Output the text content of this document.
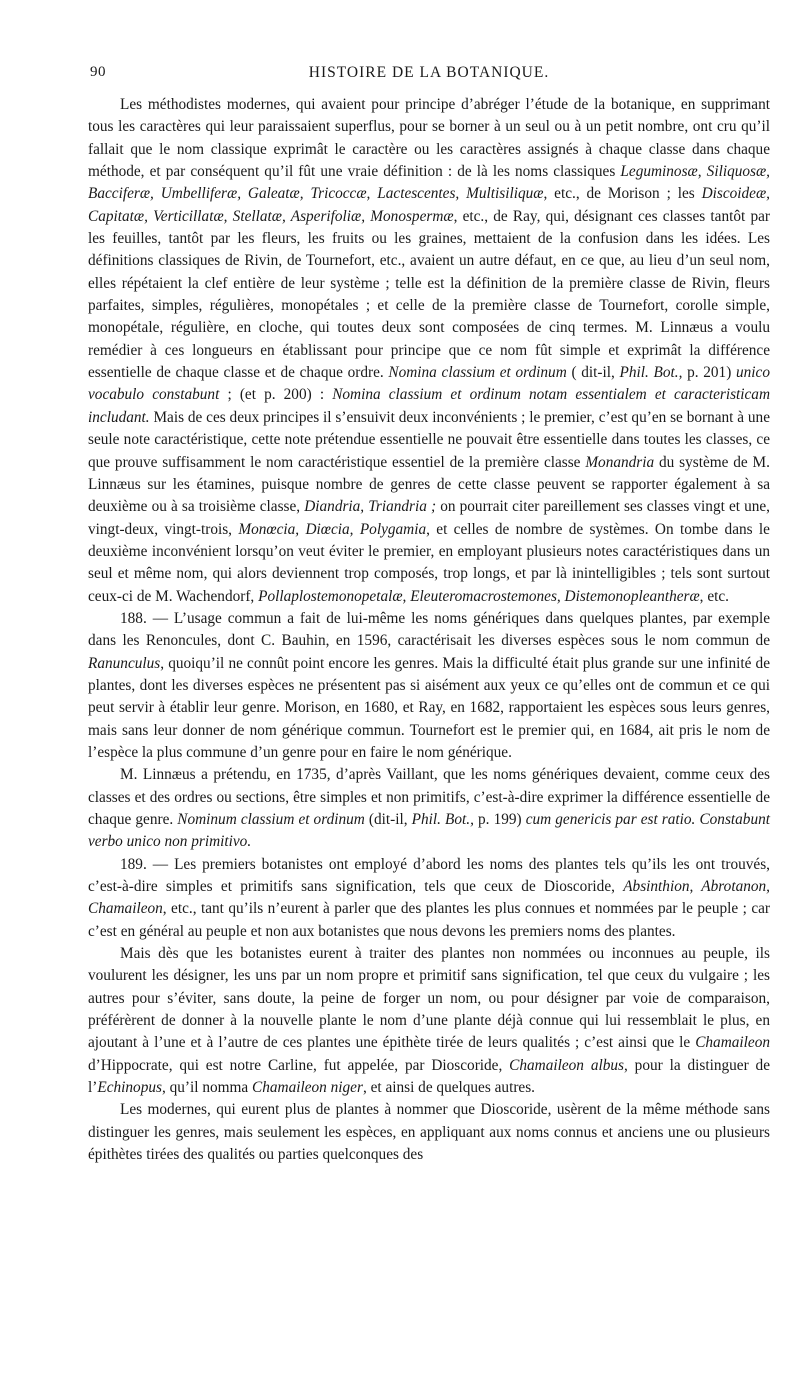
90	HISTOIRE DE LA BOTANIQUE.

Les méthodistes modernes, qui avaient pour principe d’abréger l’étude de la botanique, en supprimant tous les caractères qui leur paraissaient superflus, pour se borner à un seul ou à un petit nombre, ont cru qu’il fallait que le nom classique exprimât le caractère ou les caractères assignés à chaque classe dans chaque méthode, et par conséquent qu’il fût une vraie définition : de là les noms classiques Leguminosæ, Siliquosæ, Bacciferæ, Umbelliferæ, Galeatæ, Tricoccæ, Lactescentes, Multisiliquæ, etc., de Morison ; les Discoideæ, Capitatæ, Verticillatæ, Stellatæ, Asperifoliæ, Monospermæ, etc., de Ray, qui, désignant ces classes tantôt par les feuilles, tantôt par les fleurs, les fruits ou les graines, mettaient de la confusion dans les idées. Les définitions classiques de Rivin, de Tournefort, etc., avaient un autre défaut, en ce que, au lieu d’un seul nom, elles répétaient la clef entière de leur système ; telle est la définition de la première classe de Rivin, fleurs parfaites, simples, régulières, monopétales ; et celle de la première classe de Tournefort, corolle simple, monopétale, régulière, en cloche, qui toutes deux sont composées de cinq termes. M. Linnæus a voulu remédier à ces longueurs en établissant pour principe que ce nom fût simple et exprimât la différence essentielle de chaque classe et de chaque ordre. Nomina classium et ordinum ( dit-il, Phil. Bot., p. 201) unico vocabulo constabunt ; (et p. 200) : Nomina classium et ordinum notam essentialem et caracteristicam includant. Mais de ces deux principes il s’ensuivit deux inconvénients ; le premier, c’est qu’en se bornant à une seule note caractéristique, cette note prétendue essentielle ne pouvait être essentielle dans toutes les classes, ce que prouve suffisamment le nom caractéristique essentiel de la première classe Monandria du système de M. Linnæus sur les étamines, puisque nombre de genres de cette classe peuvent se rapporter également à sa deuxième ou à sa troisième classe, Diandria, Triandria ; on pourrait citer pareillement ses classes vingt et une, vingt-deux, vingt-trois, Monœcia, Diœcia, Polygamia, et celles de nombre de systèmes. On tombe dans le deuxième inconvénient lorsqu’on veut éviter le premier, en employant plusieurs notes caractéristiques dans un seul et même nom, qui alors deviennent trop composés, trop longs, et par là inintelligibles ; tels sont surtout ceux-ci de M. Wachendorf, Pollaplostemonopetalæ, Eleuteromacrostemones, Distemonopleantheræ, etc.

188. — L’usage commun a fait de lui-même les noms génériques dans quelques plantes, par exemple dans les Renoncules, dont C. Bauhin, en 1596, caractérisait les diverses espèces sous le nom commun de Ranunculus, quoiqu’il ne connût point encore les genres. Mais la difficulté était plus grande sur une infinité de plantes, dont les diverses espèces ne présentent pas si aisément aux yeux ce qu’elles ont de commun et ce qui peut servir à établir leur genre. Morison, en 1680, et Ray, en 1682, rapportaient les espèces sous leurs genres, mais sans leur donner de nom générique commun. Tournefort est le premier qui, en 1684, ait pris le nom de l’espèce la plus commune d’un genre pour en faire le nom générique.

M. Linnæus a prétendu, en 1735, d’après Vaillant, que les noms génériques devaient, comme ceux des classes et des ordres ou sections, être simples et non primitifs, c’est-à-dire exprimer la différence essentielle de chaque genre. Nominum classium et ordinum (dit-il, Phil. Bot., p. 199) cum genericis par est ratio. Constabunt verbo unico non primitivo.

189. — Les premiers botanistes ont employé d’abord les noms des plantes tels qu’ils les ont trouvés, c’est-à-dire simples et primitifs sans signification, tels que ceux de Dioscoride, Absinthion, Abrotanon, Chamaileon, etc., tant qu’ils n’eurent à parler que des plantes les plus connues et nommées par le peuple ; car c’est en général au peuple et non aux botanistes que nous devons les premiers noms des plantes.

Mais dès que les botanistes eurent à traiter des plantes non nommées ou inconnues au peuple, ils voulurent les désigner, les uns par un nom propre et primitif sans signification, tel que ceux du vulgaire ; les autres pour s’éviter, sans doute, la peine de forger un nom, ou pour désigner par voie de comparaison, préférèrent de donner à la nouvelle plante le nom d’une plante déjà connue qui lui ressemblait le plus, en ajoutant à l’une et à l’autre de ces plantes une épithète tirée de leurs qualités ; c’est ainsi que le Chamaileon d’Hippocrate, qui est notre Carline, fut appelée, par Dioscoride, Chamaileon albus, pour la distinguer de l’Echinopus, qu’il nomma Chamaileon niger, et ainsi de quelques autres.

Les modernes, qui eurent plus de plantes à nommer que Dioscoride, usèrent de la même méthode sans distinguer les genres, mais seulement les espèces, en appliquant aux noms connus et anciens une ou plusieurs épithètes tirées des qualités ou parties quelconques des
